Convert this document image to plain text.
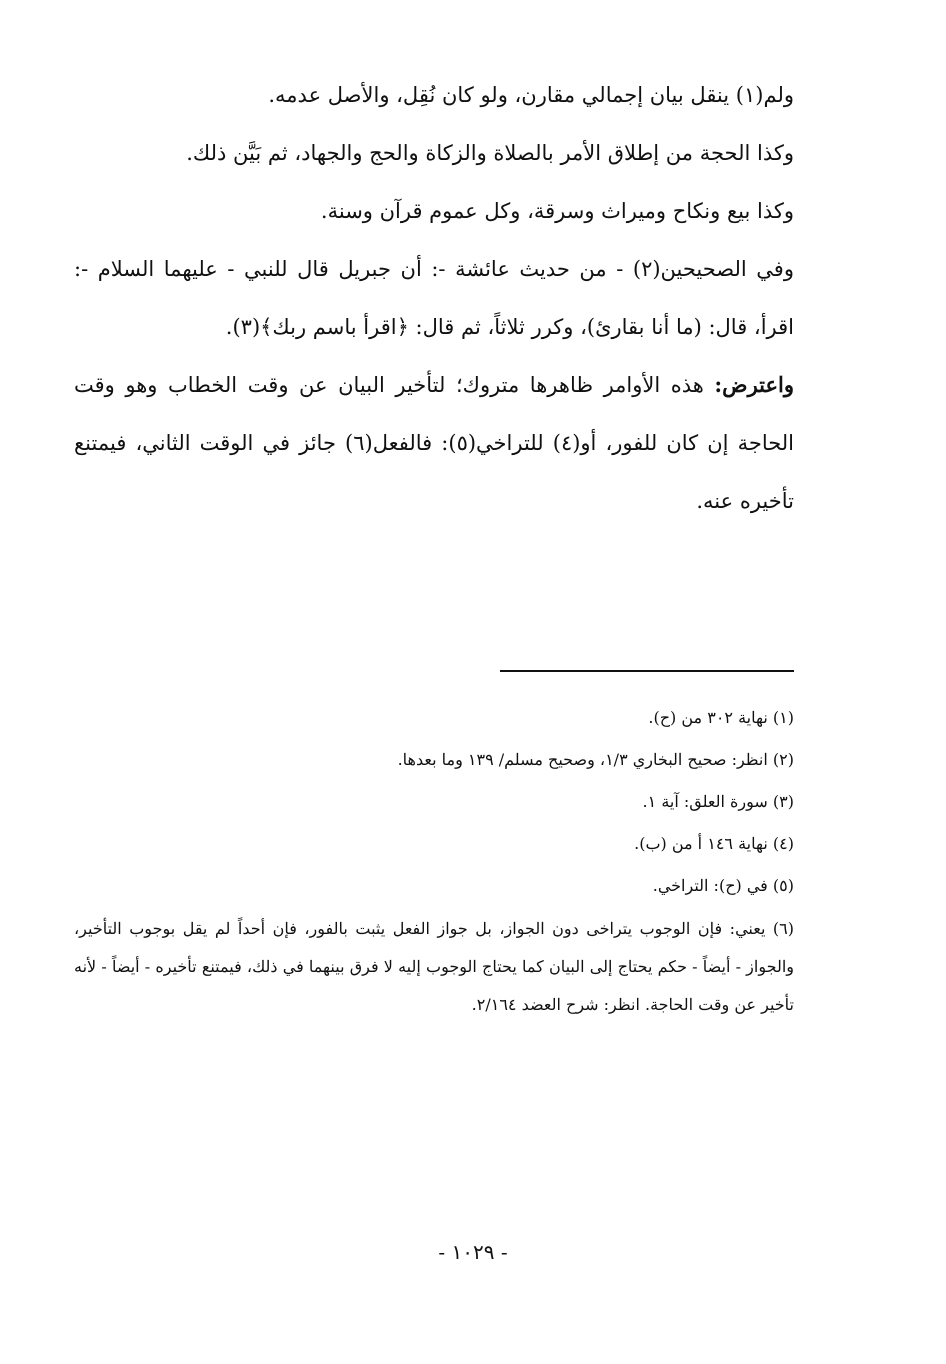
ولم(١) ينقل بيان إجمالي مقارن، ولو كان نُقِل، والأصل عدمه.

وكذا الحجة من إطلاق الأمر بالصلاة والزكاة والحج والجهاد، ثم بَيَّن ذلك.

وكذا بيع ونكاح وميراث وسرقة، وكل عموم قرآن وسنة.

وفي الصحيحين(٢) - من حديث عائشة -: أن جبريل قال للنبي - عليهما السلام -: اقرأ، قال: (ما أنا بقارئ)، وكرر ثلاثاً، ثم قال: ﴿اقرأ باسم ربك﴾(٣).

واعترض: هذه الأوامر ظاهرها متروك؛ لتأخير البيان عن وقت الخطاب وهو وقت الحاجة إن كان للفور، أو(٤) للتراخي(٥): فالفعل(٦) جائز في الوقت الثاني، فيمتنع تأخيره عنه.

(١) نهاية ٣٠٢ من (ح).

(٢) انظر: صحيح البخاري ١/٣، وصحيح مسلم/ ١٣٩ وما بعدها.

(٣) سورة العلق: آية ١.

(٤) نهاية ١٤٦ أ من (ب).

(٥) في (ح): التراخي.

(٦) يعني: فإن الوجوب يتراخى دون الجواز، بل جواز الفعل يثبت بالفور، فإن أحداً لم يقل بوجوب التأخير، والجواز - أيضاً - حكم يحتاج إلى البيان كما يحتاج الوجوب إليه لا فرق بينهما في ذلك، فيمتنع تأخيره - أيضاً - لأنه تأخير عن وقت الحاجة. انظر: شرح العضد ٢/١٦٤.

- ١٠٢٩ -
